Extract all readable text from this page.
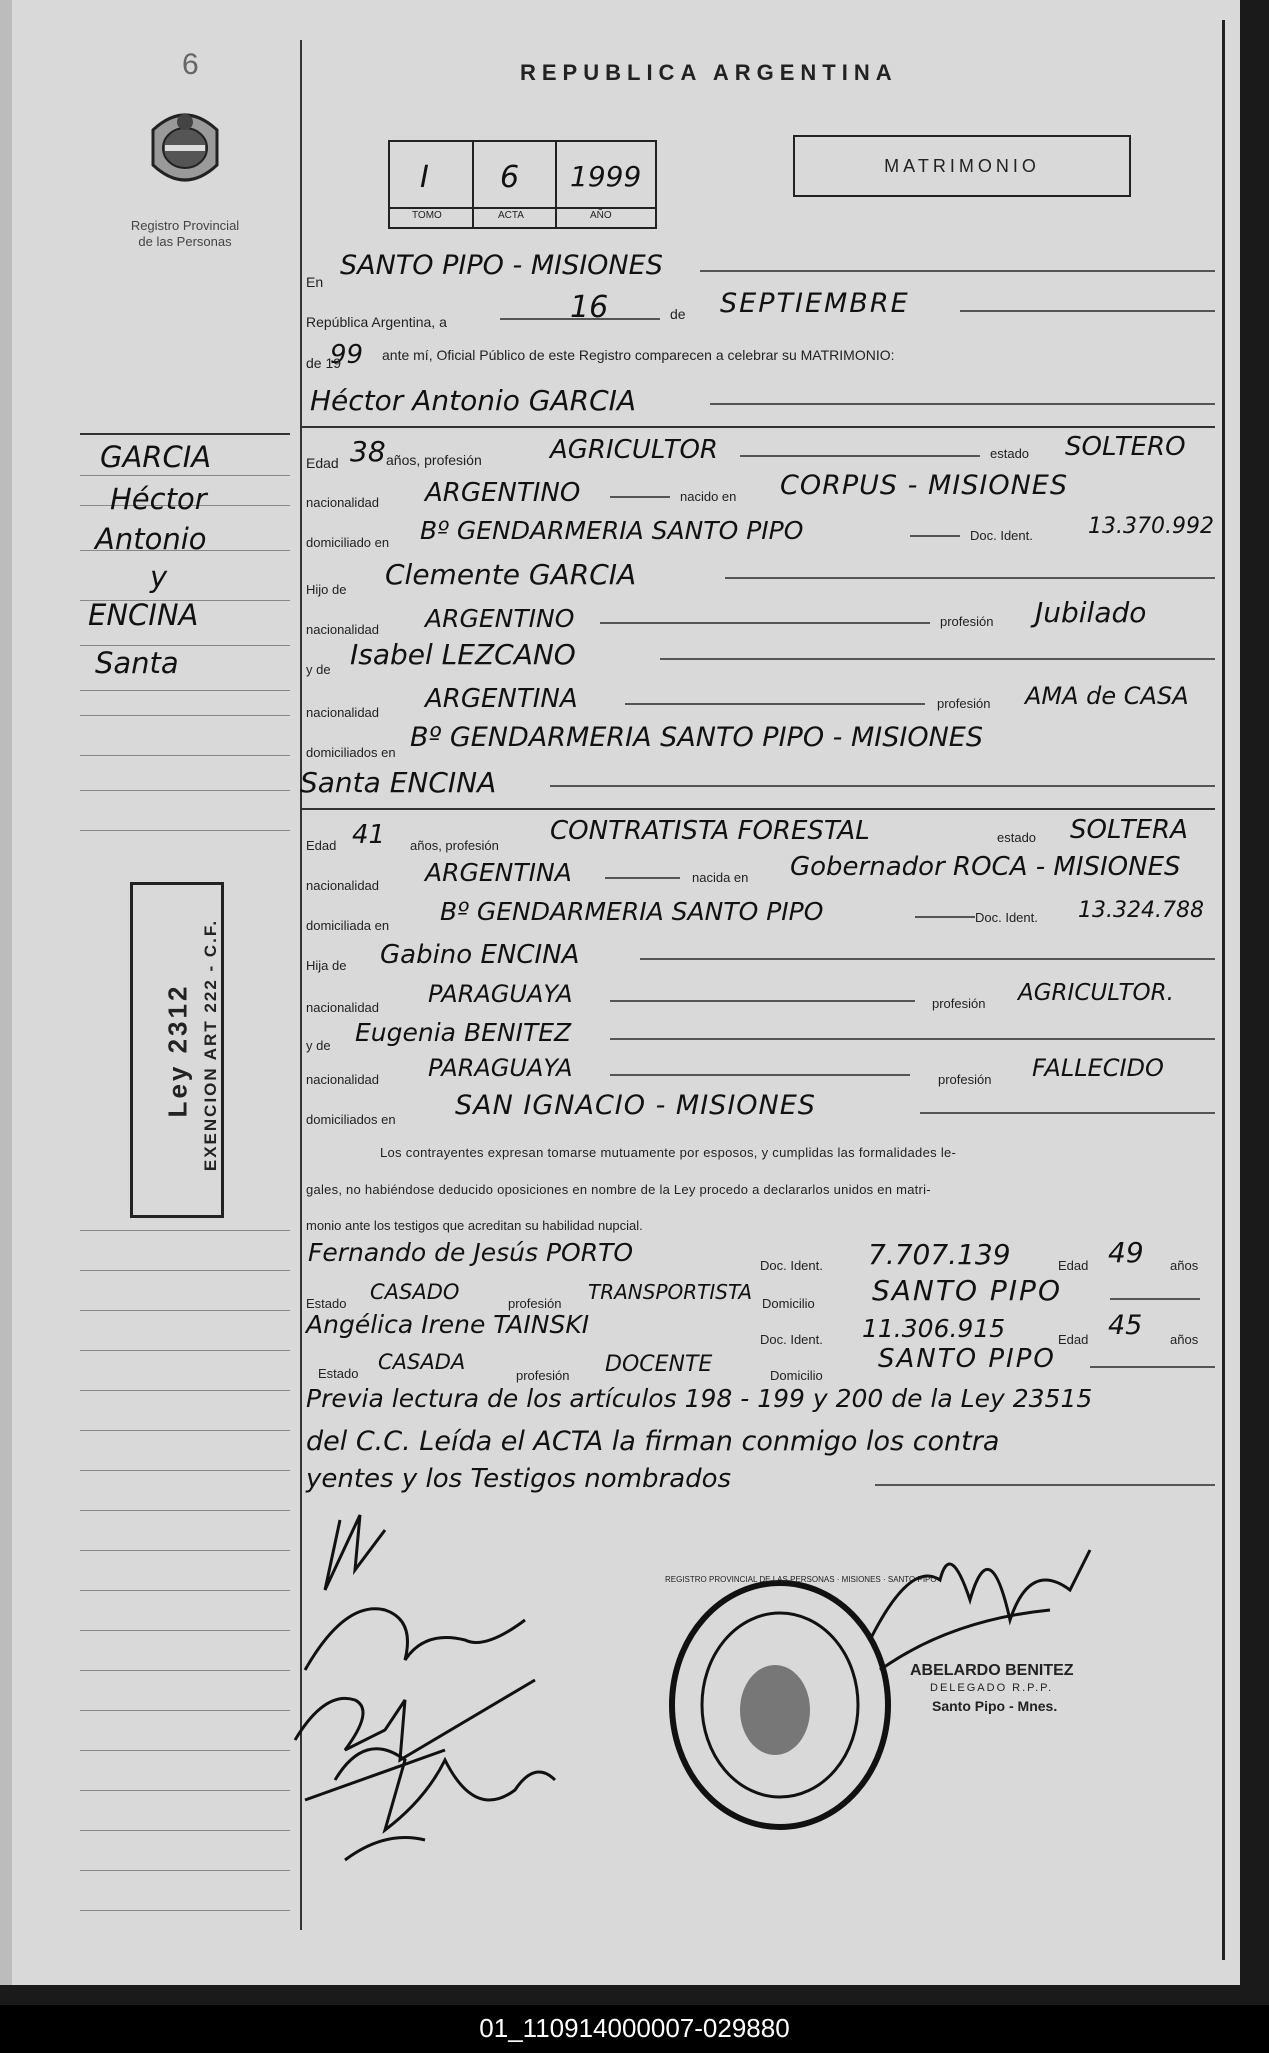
6
Registro Provincial
de las Personas
REPUBLICA ARGENTINA
MATRIMONIO
I 6 1999
TOMO	ACTA	AÑO
GARCIA
Héctor
Antonio
y
ENCINA
Santa
Ley 2312 EXENCION ART 222 - C.F.
En
SANTO PIPO - MISIONES
República Argentina, a	16	de SEPTIEMBRE
de 19
99 ante mí, Oficial Público de este Registro comparecen a celebrar su MATRIMONIO:
Héctor Antonio GARCIA
Edad 38 años, profesión	AGRICULTOR	estado SOLTERO
nacionalidad ARGENTINO	nacido en CORPUS - MISIONES
domiciliado en Bº GENDARMERIA SANTO PIPO	Doc. Ident.	13.370.992
Hijo de Clemente GARCIA
nacionalidad ARGENTINO	profesión Jubilado
y de Isabel LEZCANO
nacionalidad ARGENTINA	profesión AMA de CASA
domiciliados en Bº GENDARMERIA SANTO PIPO - MISIONES
Santa ENCINA
Edad 41 años, profesión CONTRATISTA FORESTAL	estado SOLTERA
nacionalidad ARGENTINA	nacida en Gobernador ROCA - MISIONES
domiciliada en Bº GENDARMERIA SANTO PIPO	Doc. Ident. 13.324.788
Hija de Gabino ENCINA
nacionalidad PARAGUAYA	profesión AGRICULTOR.
y de Eugenia BENITEZ
nacionalidad PARAGUAYA	profesión FALLECIDO
domiciliados en SAN IGNACIO - MISIONES
Los contrayentes expresan tomarse mutuamente por esposos, y cumplidas las formalidades le-
gales, no habiéndose deducido oposiciones en nombre de la Ley procedo a declararlos unidos en matri-
monio ante los testigos que acreditan su habilidad nupcial.
Fernando de Jesús PORTO	Doc. Ident. 7.707.139	Edad 49 años
Estado CASADO	profesión TRANSPORTISTA Domicilio SANTO PIPO
Angélica Irene TAINSKI
Doc. Ident. 11.306.915	Edad 45 años
Estado CASADA
profesión DOCENTE	Domicilio
SANTO PIPO
Previa lectura de los artículos 198 - 199 y 200 de la Ley 23515
del C.C. Leída el ACTA la firman conmigo los contra
yentes y los Testigos nombrados
REGISTRO PROVINCIAL DE LAS PERSONAS · MISIONES · SANTO PIPO
ABELARDO BENITEZ
DELEGADO R.P.P.
Santo Pipo - Mnes.
01_110914000007-029880
